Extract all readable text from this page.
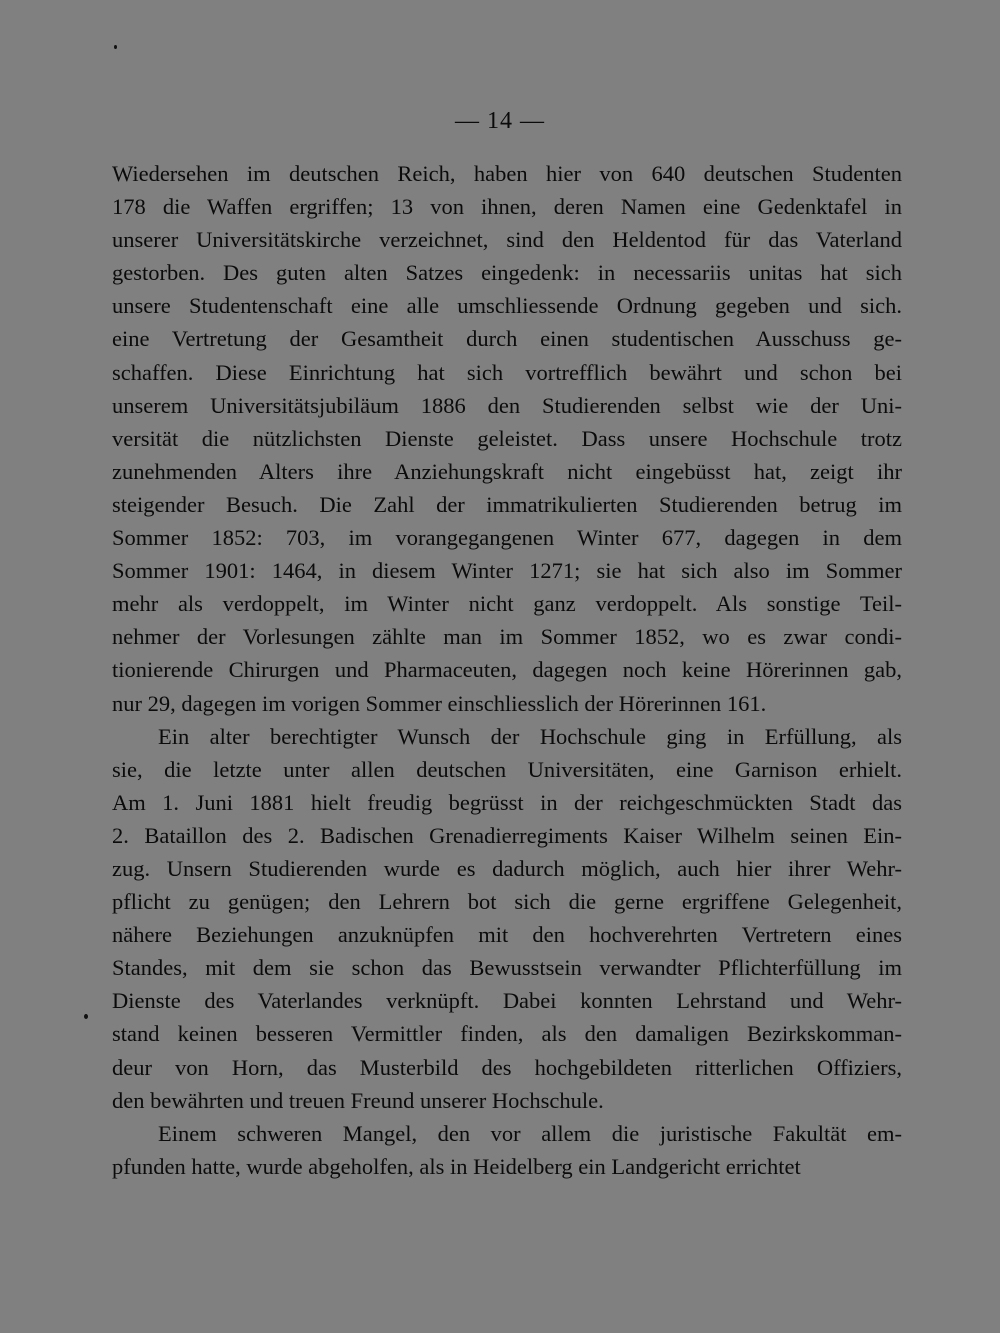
— 14 —
Wiedersehen im deutschen Reich, haben hier von 640 deutschen Studenten
178 die Waffen ergriffen; 13 von ihnen, deren Namen eine Gedenktafel in
unserer Universitätskirche verzeichnet, sind den Heldentod für das Vaterland
gestorben. Des guten alten Satzes eingedenk: in necessariis unitas hat sich
unsere Studentenschaft eine alle umschliessende Ordnung gegeben und sich.
eine Vertretung der Gesamtheit durch einen studentischen Ausschuss ge-
schaffen. Diese Einrichtung hat sich vortrefflich bewährt und schon bei
unserem Universitätsjubiläum 1886 den Studierenden selbst wie der Uni-
versität die nützlichsten Dienste geleistet. Dass unsere Hochschule trotz
zunehmenden Alters ihre Anziehungskraft nicht eingebüsst hat, zeigt ihr
steigender Besuch. Die Zahl der immatrikulierten Studierenden betrug im
Sommer 1852: 703, im vorangegangenen Winter 677, dagegen in dem
Sommer 1901: 1464, in diesem Winter 1271; sie hat sich also im Sommer
mehr als verdoppelt, im Winter nicht ganz verdoppelt. Als sonstige Teil-
nehmer der Vorlesungen zählte man im Sommer 1852, wo es zwar condi-
tionierende Chirurgen und Pharmaceuten, dagegen noch keine Hörerinnen gab,
nur 29, dagegen im vorigen Sommer einschliesslich der Hörerinnen 161.
Ein alter berechtigter Wunsch der Hochschule ging in Erfüllung, als
sie, die letzte unter allen deutschen Universitäten, eine Garnison erhielt.
Am 1. Juni 1881 hielt freudig begrüsst in der reichgeschmückten Stadt das
2. Bataillon des 2. Badischen Grenadierregiments Kaiser Wilhelm seinen Ein-
zug. Unsern Studierenden wurde es dadurch möglich, auch hier ihrer Wehr-
pflicht zu genügen; den Lehrern bot sich die gerne ergriffene Gelegenheit,
nähere Beziehungen anzuknüpfen mit den hochverehrten Vertretern eines
Standes, mit dem sie schon das Bewusstsein verwandter Pflichterfüllung im
Dienste des Vaterlandes verknüpft. Dabei konnten Lehrstand und Wehr-
stand keinen besseren Vermittler finden, als den damaligen Bezirkskomman-
deur von Horn, das Musterbild des hochgebildeten ritterlichen Offiziers,
den bewährten und treuen Freund unserer Hochschule.
Einem schweren Mangel, den vor allem die juristische Fakultät em-
pfunden hatte, wurde abgeholfen, als in Heidelberg ein Landgericht errichtet
